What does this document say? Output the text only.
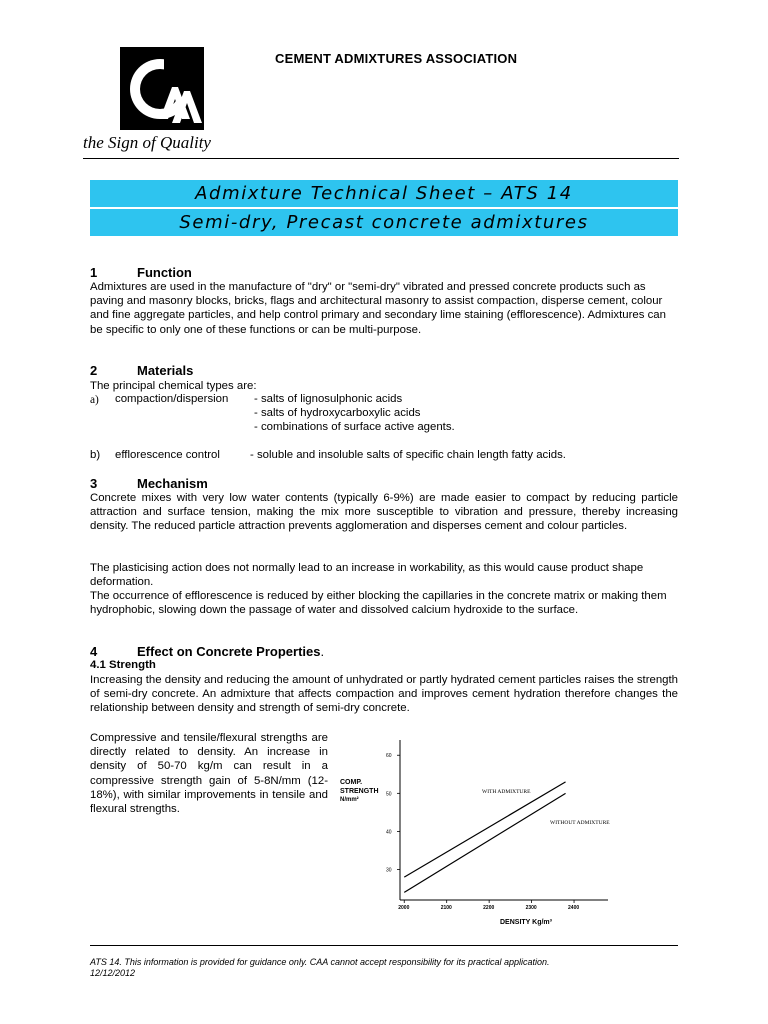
CEMENT ADMIXTURES ASSOCIATION
the Sign of Quality
Admixture Technical Sheet – ATS 14
Semi-dry, Precast concrete admixtures
1	Function
Admixtures are used in the manufacture of "dry" or "semi-dry" vibrated and pressed concrete products such as paving and masonry blocks, bricks, flags and architectural masonry to assist compaction, disperse cement, colour and fine aggregate particles, and help control primary and secondary lime staining (efflorescence). Admixtures can be specific to only one of these functions or can be multi-purpose.
2	Materials
The principal chemical types are:
a) compaction/dispersion - salts of lignosulphonic acids
- salts of hydroxycarboxylic acids
- combinations of surface active agents.
b) efflorescence control	- soluble and insoluble salts of specific chain length fatty acids.
3	Mechanism
Concrete mixes with very low water contents (typically 6-9%) are made easier to compact by reducing particle attraction and surface tension, making the mix more susceptible to vibration and pressure, thereby increasing density. The reduced particle attraction prevents agglomeration and disperses cement and colour particles.
The plasticising action does not normally lead to an increase in workability, as this would cause product shape deformation.
The occurrence of efflorescence is reduced by either blocking the capillaries in the concrete matrix or making them hydrophobic, slowing down the passage of water and dissolved calcium hydroxide to the surface.
4	Effect on Concrete Properties.
4.1 Strength
Increasing the density and reducing the amount of unhydrated or partly hydrated cement particles raises the strength of semi-dry concrete. An admixture that affects compaction and improves cement hydration therefore changes the relationship between density and strength of semi-dry concrete.
Compressive and tensile/flexural strengths are directly related to density. An increase in density of 50-70 kg/m can result in a compressive strength gain of 5-8N/mm (12-18%), with similar improvements in tensile and flexural strengths.
30
40
50
60
2000	2100	2200	2300	2400
COMP. STRENGTH N/mm²
DENSITY Kg/m³
WITH ADMIXTURE
WITHOUT ADMIXTURE
ATS 14. This information is provided for guidance only. CAA cannot accept responsibility for its practical application.
12/12/2012
